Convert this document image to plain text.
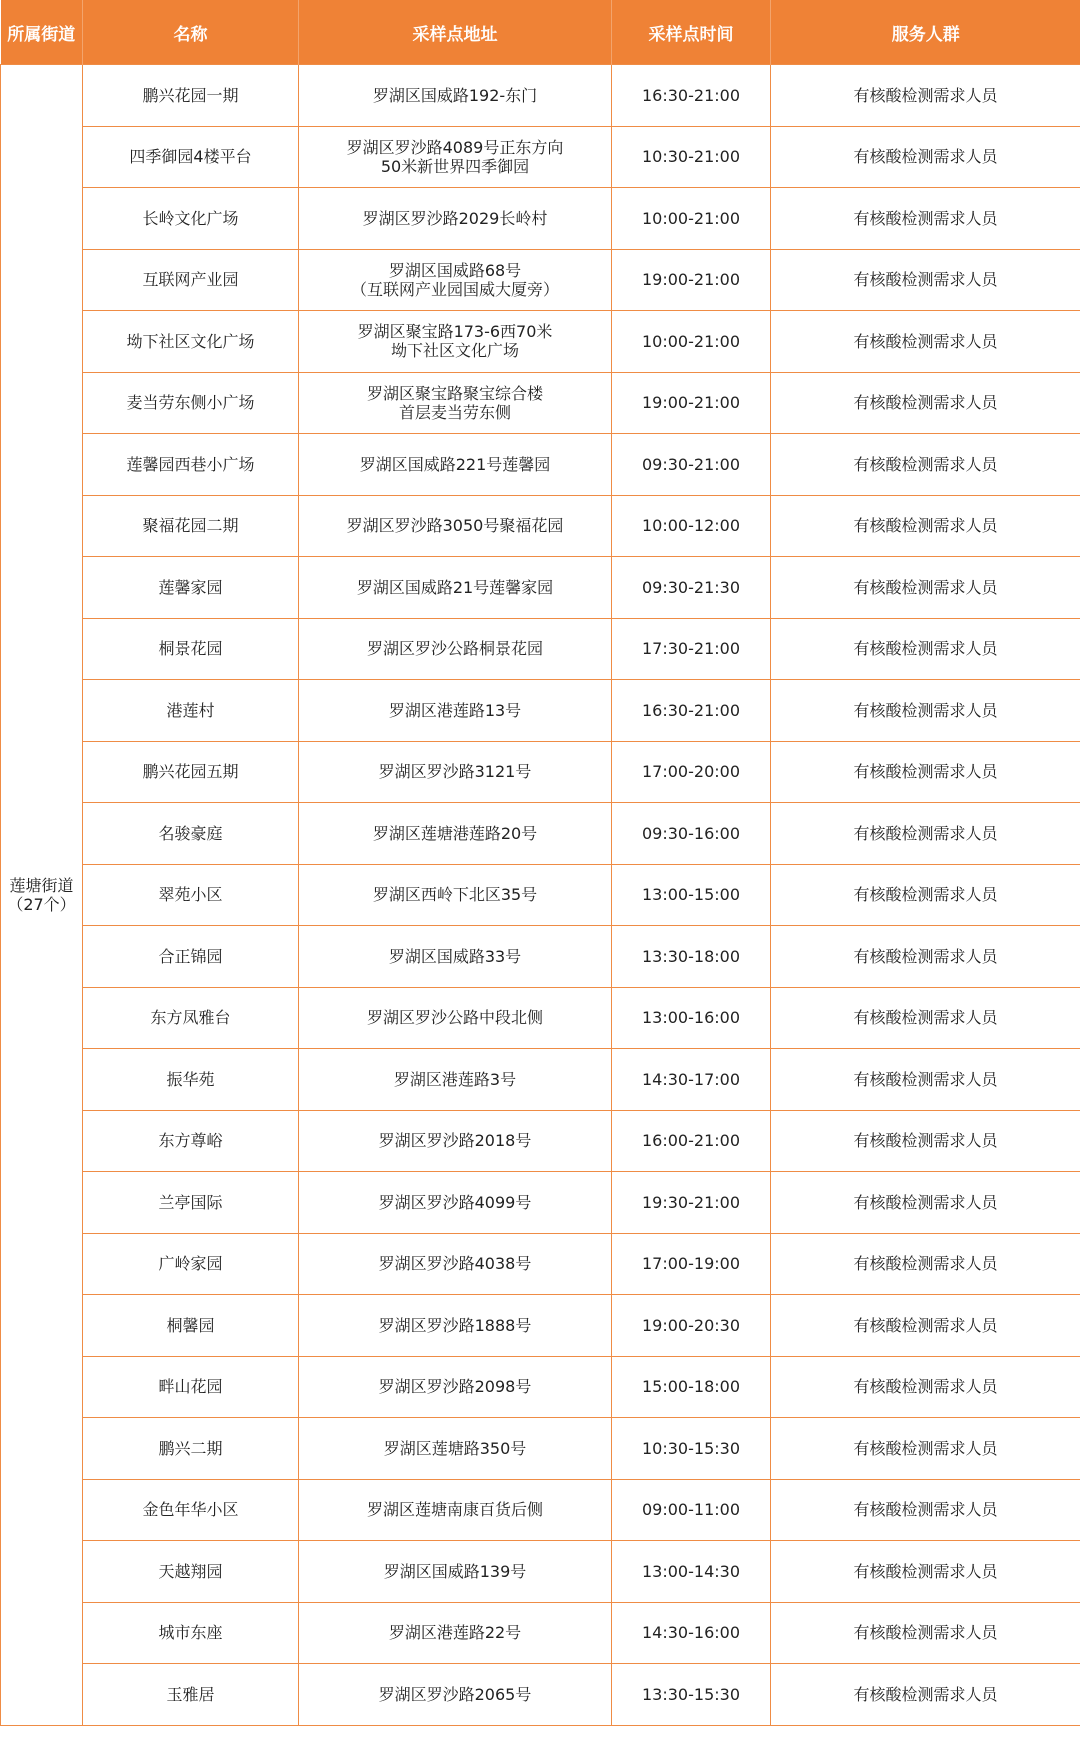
所属街道	名称	采样点地址	采样点时间	服务人群

莲塘街道
（27个）	鹏兴花园一期	罗湖区国威路192-东门	16:30-21:00	有核酸检测需求人员
	四季御园4楼平台	罗湖区罗沙路4089号正东方向
50米新世界四季御园	10:30-21:00	有核酸检测需求人员
	长岭文化广场	罗湖区罗沙路2029长岭村	10:00-21:00	有核酸检测需求人员
	互联网产业园	罗湖区国威路68号
（互联网产业园国威大厦旁）	19:00-21:00	有核酸检测需求人员
	坳下社区文化广场	罗湖区聚宝路173-6西70米
坳下社区文化广场	10:00-21:00	有核酸检测需求人员
	麦当劳东侧小广场	罗湖区聚宝路聚宝综合楼
首层麦当劳东侧	19:00-21:00	有核酸检测需求人员
	莲馨园西巷小广场	罗湖区国威路221号莲馨园	09:30-21:00	有核酸检测需求人员
	聚福花园二期	罗湖区罗沙路3050号聚福花园	10:00-12:00	有核酸检测需求人员
	莲馨家园	罗湖区国威路21号莲馨家园	09:30-21:30	有核酸检测需求人员
	桐景花园	罗湖区罗沙公路桐景花园	17:30-21:00	有核酸检测需求人员
	港莲村	罗湖区港莲路13号	16:30-21:00	有核酸检测需求人员
	鹏兴花园五期	罗湖区罗沙路3121号	17:00-20:00	有核酸检测需求人员
	名骏豪庭	罗湖区莲塘港莲路20号	09:30-16:00	有核酸检测需求人员
	翠苑小区	罗湖区西岭下北区35号	13:00-15:00	有核酸检测需求人员
	合正锦园	罗湖区国威路33号	13:30-18:00	有核酸检测需求人员
	东方凤雅台	罗湖区罗沙公路中段北侧	13:00-16:00	有核酸检测需求人员
	振华苑	罗湖区港莲路3号	14:30-17:00	有核酸检测需求人员
	东方尊峪	罗湖区罗沙路2018号	16:00-21:00	有核酸检测需求人员
	兰亭国际	罗湖区罗沙路4099号	19:30-21:00	有核酸检测需求人员
	广岭家园	罗湖区罗沙路4038号	17:00-19:00	有核酸检测需求人员
	桐馨园	罗湖区罗沙路1888号	19:00-20:30	有核酸检测需求人员
	畔山花园	罗湖区罗沙路2098号	15:00-18:00	有核酸检测需求人员
	鹏兴二期	罗湖区莲塘路350号	10:30-15:30	有核酸检测需求人员
	金色年华小区	罗湖区莲塘南康百货后侧	09:00-11:00	有核酸检测需求人员
	天越翔园	罗湖区国威路139号	13:00-14:30	有核酸检测需求人员
	城市东座	罗湖区港莲路22号	14:30-16:00	有核酸检测需求人员
	玉雅居	罗湖区罗沙路2065号	13:30-15:30	有核酸检测需求人员
